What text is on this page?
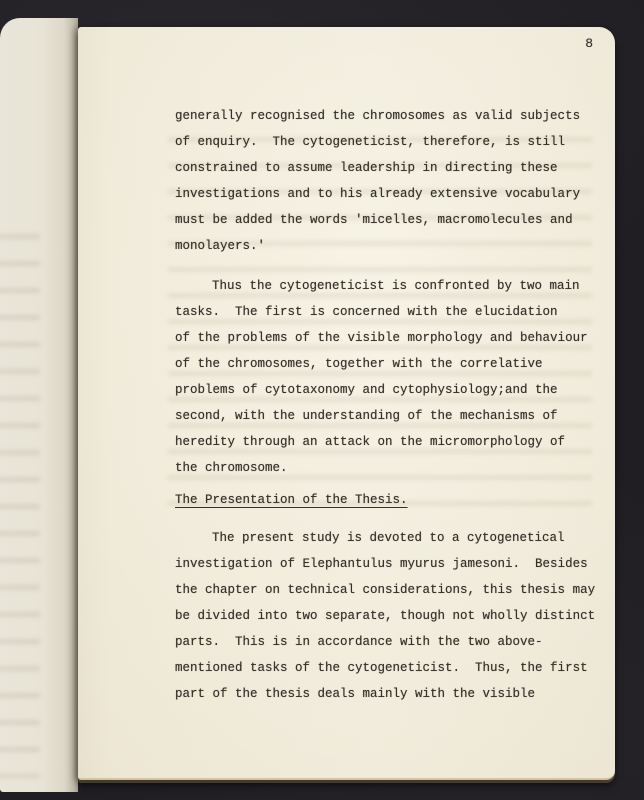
8
generally recognised the chromosomes as valid subjects
of enquiry.  The cytogeneticist, therefore, is still
constrained to assume leadership in directing these
investigations and to his already extensive vocabulary
must be added the words 'micelles, macromolecules and
monolayers.'
Thus the cytogeneticist is confronted by two main
tasks.  The first is concerned with the elucidation
of the problems of the visible morphology and behaviour
of the chromosomes, together with the correlative
problems of cytotaxonomy and cytophysiology;and the
second, with the understanding of the mechanisms of
heredity through an attack on the micromorphology of
the chromosome.
The Presentation of the Thesis.
The present study is devoted to a cytogenetical
investigation of Elephantulus myurus jamesoni.  Besides
the chapter on technical considerations, this thesis may
be divided into two separate, though not wholly distinct
parts.  This is in accordance with the two above-
mentioned tasks of the cytogeneticist.  Thus, the first
part of the thesis deals mainly with the visible
